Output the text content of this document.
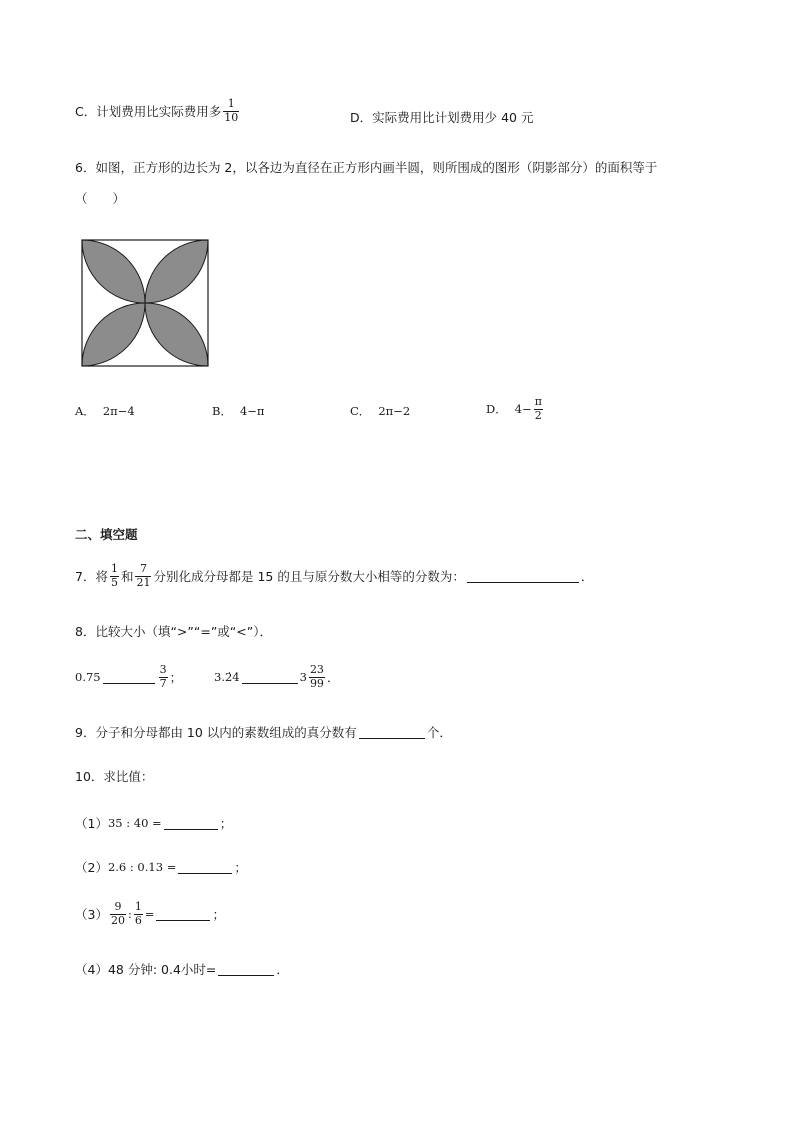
C．计划费用比实际费用多 $\frac{1}{10}$	D．实际费用比计划费用少 40 元
6．如图，正方形的边长为 2，以各边为直径在正方形内画半圆，则所围成的图形（阴影部分）的面积等于
（　　）
A． 2π−4	B． 4−π	C． 2π−2	D． $4- \frac{\pi}{2}$
二、填空题
7．将 $\frac{1}{5}$ 和 $\frac{7}{21}$ 分别化成分母都是 15 的且与原分数大小相等的分数为：	．
8．比较大小（填“>”“=”或“<”）．
0.75	$\frac{3}{7}$ ；	3.2̇4̇	$3 \frac{23}{99}$ ．
9．分子和分母都由 10 以内的素数组成的真分数有	个．
10．求比值：
（1） 35 : 40 =	；
（2） 2.6 : 0.13 =	；
$(3) \frac{9}{20}$ : $\frac{1}{6}$ =	；
（4） 48 分钟: 0.4小时=	．
